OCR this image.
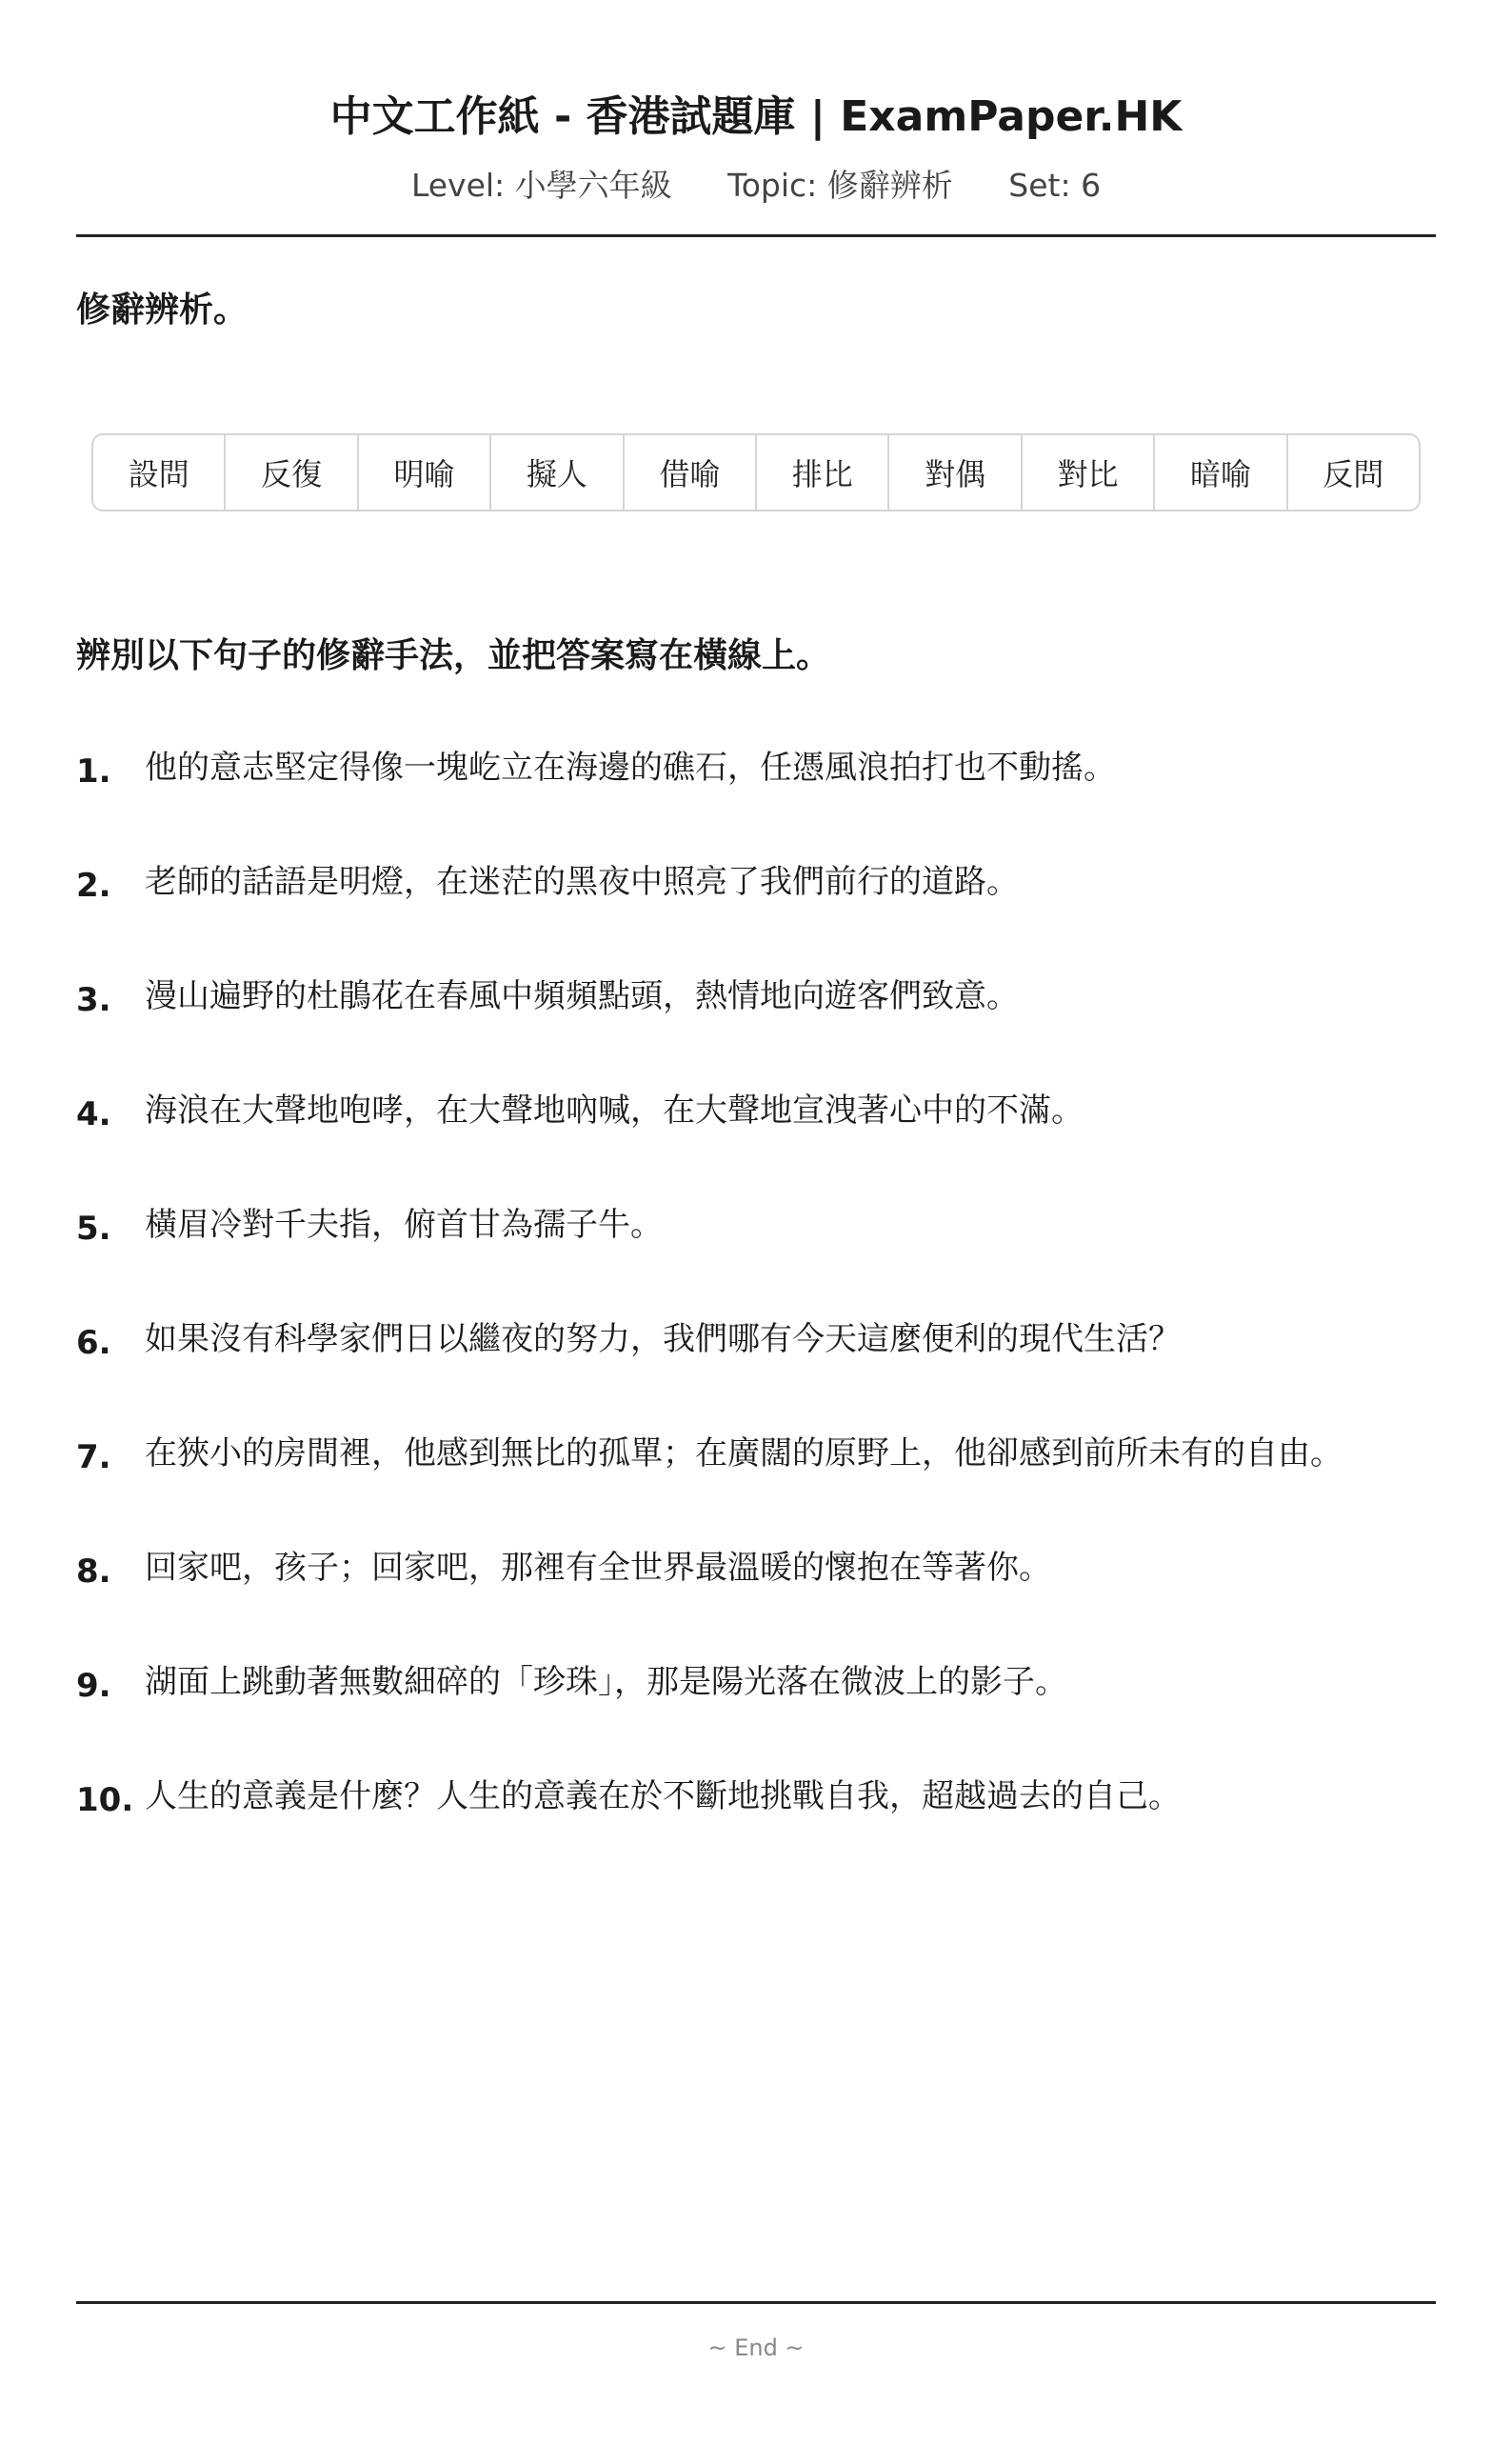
中文工作紙 - 香港試題庫 | ExamPaper.HK
Level: 小學六年級 Topic: 修辭辨析 Set: 6
修辭辨析。
設問	反復	明喻	擬人	借喻	排比	對偶	對比	暗喻	反問
辨別以下句子的修辭手法，並把答案寫在橫線上。
1.	他的意志堅定得像一塊屹立在海邊的礁石，任憑風浪拍打也不動搖。
2.	老師的話語是明燈，在迷茫的黑夜中照亮了我們前行的道路。
3.	漫山遍野的杜鵑花在春風中頻頻點頭，熱情地向遊客們致意。
4.	海浪在大聲地咆哮，在大聲地吶喊，在大聲地宣洩著心中的不滿。
5.	橫眉冷對千夫指，俯首甘為孺子牛。
6.	如果沒有科學家們日以繼夜的努力，我們哪有今天這麼便利的現代生活？
7.	在狹小的房間裡，他感到無比的孤單；在廣闊的原野上，他卻感到前所未有的自由。
8.	回家吧，孩子；回家吧，那裡有全世界最溫暖的懷抱在等著你。
9.	湖面上跳動著無數細碎的「珍珠」，那是陽光落在微波上的影子。
10. 人生的意義是什麼？人生的意義在於不斷地挑戰自我，超越過去的自己。
~ End ~
